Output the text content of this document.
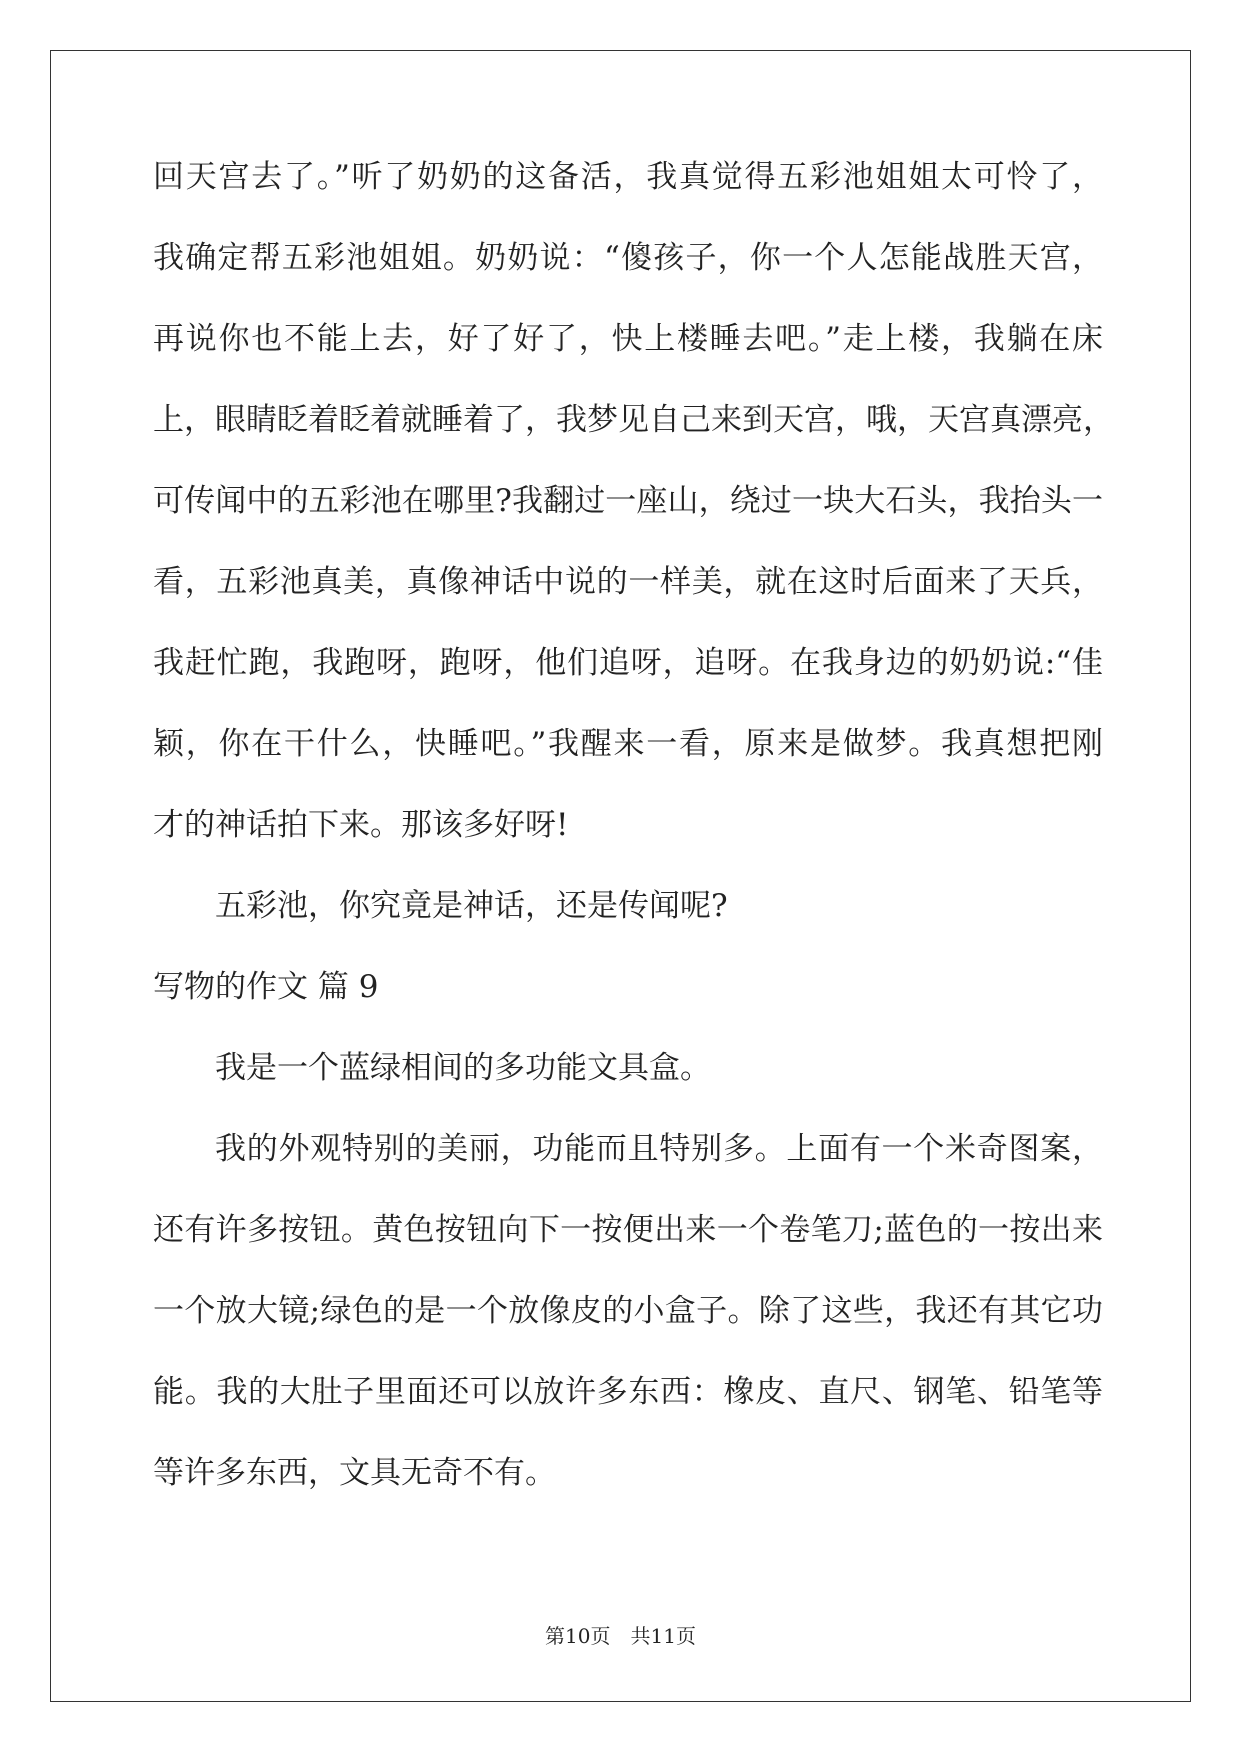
回天宫去了。”听了奶奶的这备活，我真觉得五彩池姐姐太可怜了，
我确定帮五彩池姐姐。奶奶说：“傻孩子，你一个人怎能战胜天宫，
再说你也不能上去，好了好了，快上楼睡去吧。”走上楼，我躺在床
上，眼睛眨着眨着就睡着了，我梦见自己来到天宫，哦，天宫真漂亮，
可传闻中的五彩池在哪里?我翻过一座山，绕过一块大石头，我抬头一
看，五彩池真美，真像神话中说的一样美，就在这时后面来了天兵，
我赶忙跑，我跑呀，跑呀，他们追呀，追呀。在我身边的奶奶说:“佳
颖，你在干什么，快睡吧。”我醒来一看，原来是做梦。我真想把刚
才的神话拍下来。那该多好呀!
五彩池，你究竟是神话，还是传闻呢?
写物的作文 篇 9
我是一个蓝绿相间的多功能文具盒。
我的外观特别的美丽，功能而且特别多。上面有一个米奇图案，
还有许多按钮。黄色按钮向下一按便出来一个卷笔刀;蓝色的一按出来
一个放大镜;绿色的是一个放像皮的小盒子。除了这些，我还有其它功
能。我的大肚子里面还可以放许多东西：橡皮、直尺、钢笔、铅笔等
等许多东西，文具无奇不有。
第10页 共11页
